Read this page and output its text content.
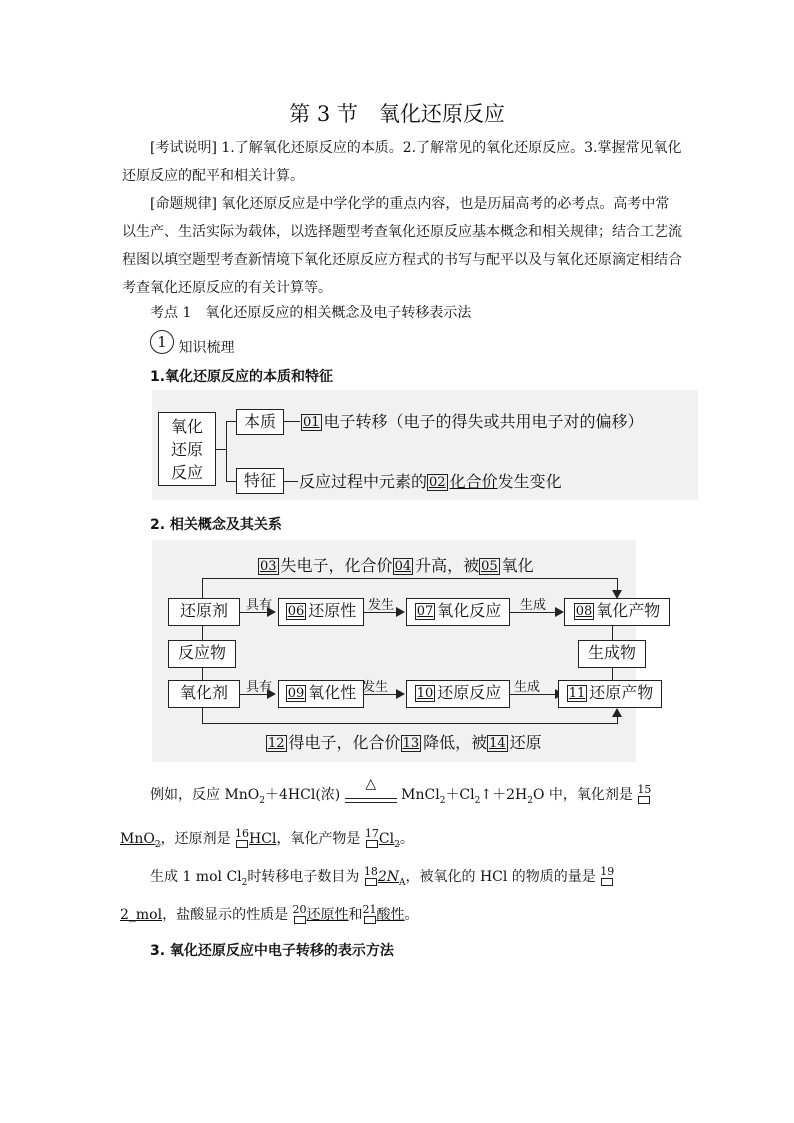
第 3 节　氧化还原反应
[考试说明] 1.了解氧化还原反应的本质。2.了解常见的氧化还原反应。3.掌握常见氧化还原反应的配平和相关计算。
[命题规律] 氧化还原反应是中学化学的重点内容，也是历届高考的必考点。高考中常以生产、生活实际为载体，以选择题型考查氧化还原反应基本概念和相关规律；结合工艺流程图以填空题型考查新情境下氧化还原反应方程式的书写与配平以及与氧化还原滴定相结合考查氧化还原反应的有关计算等。
考点 1　氧化还原反应的相关概念及电子转移表示法
1 知识梳理
1.氧化还原反应的本质和特征
氧化还原反应
本质	01 电子转移（电子的得失或共用电子对的偏移）
特征	反应过程中元素的 02 化合价发生变化
2. 相关概念及其关系
03 失电子，化合价 04 升高，被 05 氧化
还原剂	具有	06 还原性 发生	07 氧化反应	生成	08 氧化产物
反应物	生成物
氧化剂	具有	09 氧化性 发生	10 还原反应 生成	11 还原产物
12 得电子，化合价 13 降低，被 14 还原
例如，反应 MnO$_2$＋4HCl(浓)
△
$MnCl_2+Cl_2↑+2H_2O$ 中，氧化剂是 15

MnO$_2$，还原剂是 16
HCl，氧化产物是 17
$Cl_2$。
生成 1 mol $Cl_2$时转移电子数目为 18
$2N_A$，被氧化的 HCl 的物质的量是 19

2_mol，盐酸显示的性质是 20
还原性和21
酸性。
3. 氧化还原反应中电子转移的表示方法
